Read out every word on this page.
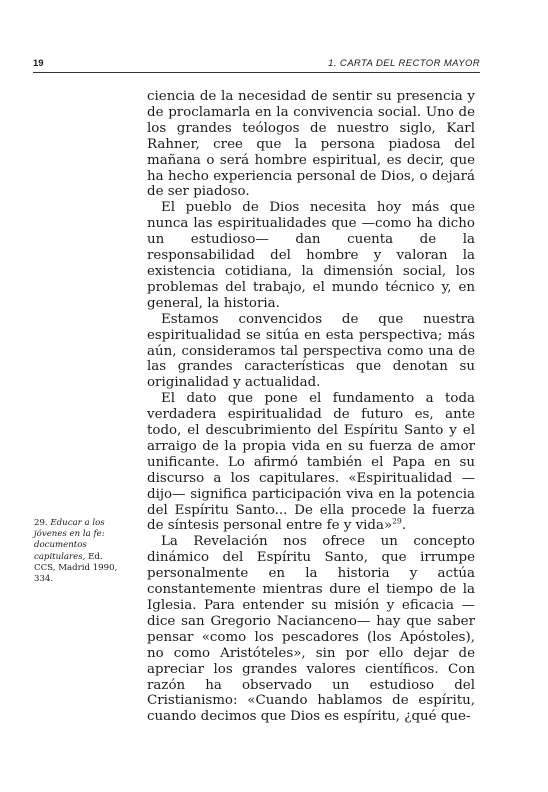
19	1. CARTA DEL RECTOR MAYOR

ciencia de la necesidad de sentir su presencia y de proclamarla en la convivencia social. Uno de los grandes teólogos de nuestro siglo, Karl Rahner, cree que la persona piadosa del mañana o será hombre espiritual, es decir, que ha hecho experiencia personal de Dios, o dejará de ser piadoso.

El pueblo de Dios necesita hoy más que nunca las espiritualidades que —como ha dicho un estudioso— dan cuenta de la responsabilidad del hombre y valoran la existencia cotidiana, la dimensión social, los problemas del trabajo, el mundo técnico y, en general, la historia.

Estamos convencidos de que nuestra espiritualidad se sitúa en esta perspectiva; más aún, consideramos tal perspectiva como una de las grandes características que denotan su originalidad y actualidad.

El dato que pone el fundamento a toda verdadera espiritualidad de futuro es, ante todo, el descubrimiento del Espíritu Santo y el arraigo de la propia vida en su fuerza de amor unificante. Lo afirmó también el Papa en su discurso a los capitulares. «Espiritualidad —dijo— significa participación viva en la potencia del Espíritu Santo... De ella procede la fuerza de síntesis personal entre fe y vida»$^{29}$.

La Revelación nos ofrece un concepto dinámico del Espíritu Santo, que irrumpe personalmente en la historia y actúa constantemente mientras dure el tiempo de la Iglesia. Para entender su misión y eficacia —dice san Gregorio Nacianceno— hay que saber pensar «como los pescadores (los Apóstoles), no como Aristóteles», sin por ello dejar de apreciar los grandes valores científicos. Con razón ha observado un estudioso del Cristianismo: «Cuando hablamos de espíritu, cuando decimos que Dios es espíritu, ¿qué que-

29. Educar a los jóvenes en la fe: documentos capitulares, Ed. CCS, Madrid 1990, 334.
